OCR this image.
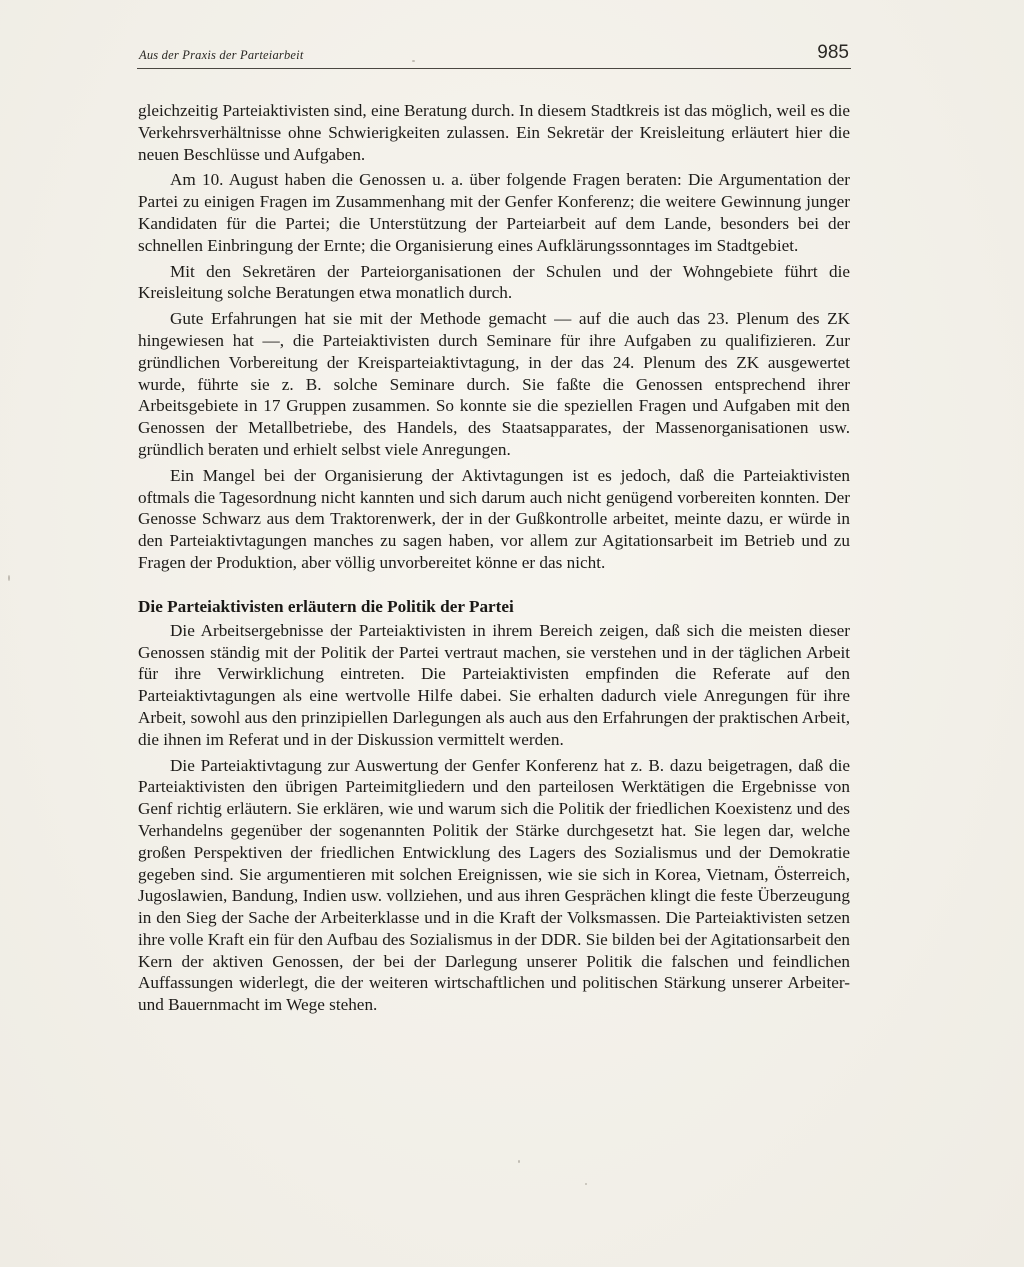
Aus der Praxis der Parteiarbeit	985

gleichzeitig Parteiaktivisten sind, eine Beratung durch. In diesem Stadtkreis ist das möglich, weil es die Verkehrsverhältnisse ohne Schwierigkeiten zulassen. Ein Sekretär der Kreisleitung erläutert hier die neuen Beschlüsse und Aufgaben.

Am 10. August haben die Genossen u. a. über folgende Fragen beraten: Die Argumentation der Partei zu einigen Fragen im Zusammenhang mit der Genfer Konferenz; die weitere Gewinnung junger Kandidaten für die Partei; die Unterstützung der Parteiarbeit auf dem Lande, besonders bei der schnellen Einbringung der Ernte; die Organisierung eines Aufklärungssonntages im Stadtgebiet.

Mit den Sekretären der Parteiorganisationen der Schulen und der Wohngebiete führt die Kreisleitung solche Beratungen etwa monatlich durch.

Gute Erfahrungen hat sie mit der Methode gemacht — auf die auch das 23. Plenum des ZK hingewiesen hat —, die Parteiaktivisten durch Seminare für ihre Aufgaben zu qualifizieren. Zur gründlichen Vorbereitung der Kreisparteiaktivtagung, in der das 24. Plenum des ZK ausgewertet wurde, führte sie z. B. solche Seminare durch. Sie faßte die Genossen entsprechend ihrer Arbeitsgebiete in 17 Gruppen zusammen. So konnte sie die speziellen Fragen und Aufgaben mit den Genossen der Metallbetriebe, des Handels, des Staatsapparates, der Massenorganisationen usw. gründlich beraten und erhielt selbst viele Anregungen.

Ein Mangel bei der Organisierung der Aktivtagungen ist es jedoch, daß die Parteiaktivisten oftmals die Tagesordnung nicht kannten und sich darum auch nicht genügend vorbereiten konnten. Der Genosse Schwarz aus dem Traktorenwerk, der in der Gußkontrolle arbeitet, meinte dazu, er würde in den Parteiaktivtagungen manches zu sagen haben, vor allem zur Agitationsarbeit im Betrieb und zu Fragen der Produktion, aber völlig unvorbereitet könne er das nicht.

Die Parteiaktivisten erläutern die Politik der Partei

Die Arbeitsergebnisse der Parteiaktivisten in ihrem Bereich zeigen, daß sich die meisten dieser Genossen ständig mit der Politik der Partei vertraut machen, sie verstehen und in der täglichen Arbeit für ihre Verwirklichung eintreten. Die Parteiaktivisten empfinden die Referate auf den Parteiaktivtagungen als eine wertvolle Hilfe dabei. Sie erhalten dadurch viele Anregungen für ihre Arbeit, sowohl aus den prinzipiellen Darlegungen als auch aus den Erfahrungen der praktischen Arbeit, die ihnen im Referat und in der Diskussion vermittelt werden.

Die Parteiaktivtagung zur Auswertung der Genfer Konferenz hat z. B. dazu beigetragen, daß die Parteiaktivisten den übrigen Parteimitgliedern und den parteilosen Werktätigen die Ergebnisse von Genf richtig erläutern. Sie erklären, wie und warum sich die Politik der friedlichen Koexistenz und des Verhandelns gegenüber der sogenannten Politik der Stärke durchgesetzt hat. Sie legen dar, welche großen Perspektiven der friedlichen Entwicklung des Lagers des Sozialismus und der Demokratie gegeben sind. Sie argumentieren mit solchen Ereignissen, wie sie sich in Korea, Vietnam, Österreich, Jugoslawien, Bandung, Indien usw. vollziehen, und aus ihren Gesprächen klingt die feste Überzeugung in den Sieg der Sache der Arbeiterklasse und in die Kraft der Volksmassen. Die Parteiaktivisten setzen ihre volle Kraft ein für den Aufbau des Sozialismus in der DDR. Sie bilden bei der Agitationsarbeit den Kern der aktiven Genossen, der bei der Darlegung unserer Politik die falschen und feindlichen Auffassungen widerlegt, die der weiteren wirtschaftlichen und politischen Stärkung unserer Arbeiter- und Bauernmacht im Wege stehen.
